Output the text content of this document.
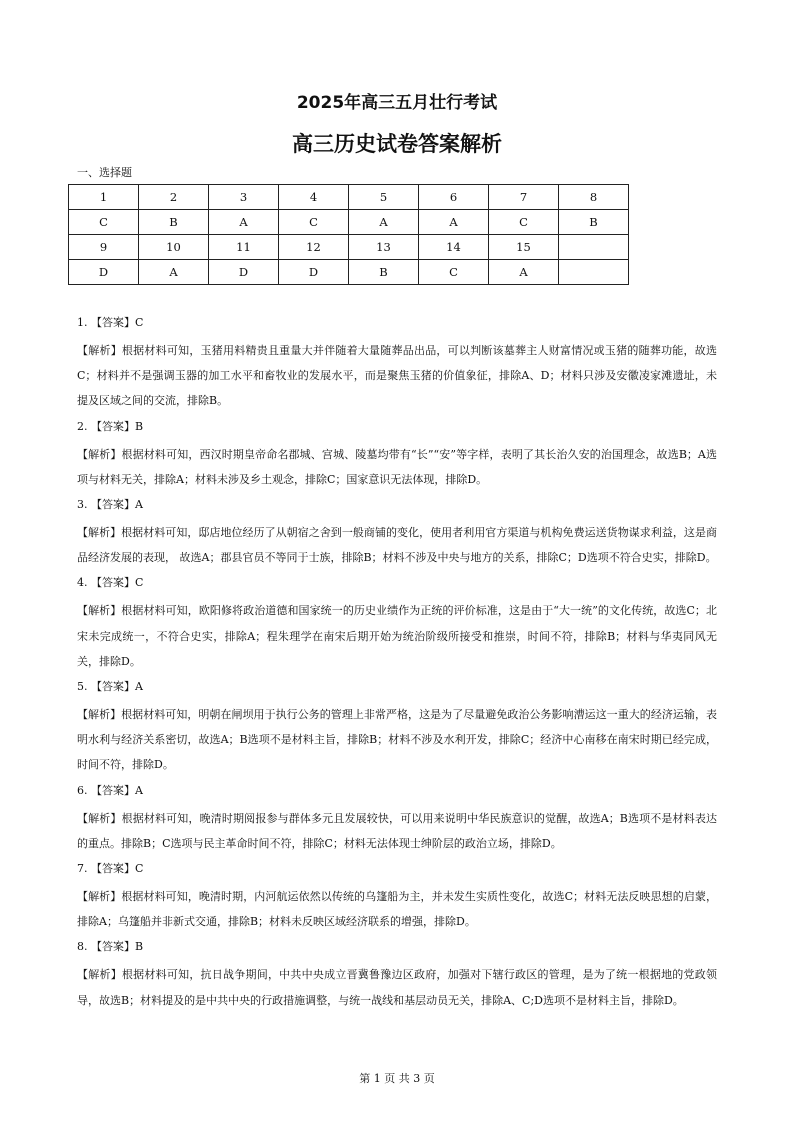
2025年高三五月壮行考试
高三历史试卷答案解析
一、选择题
1	2	3	4	5	6	7	8
C	B	A	C	A	A	C	B
9	10	11	12	13	14	15	
D	A	D	D	B	C	A	
1. 【答案】C
【解析】根据材料可知，玉猪用料精贵且重量大并伴随着大量随葬品出品，可以判断该墓葬主人财富情况或玉猪的随葬功能，故选C；材料并不是强调玉器的加工水平和畜牧业的发展水平，而是聚焦玉猪的价值象征，排除A、D；材料只涉及安徽凌家滩遗址，未提及区域之间的交流，排除B。
2. 【答案】B
【解析】根据材料可知，西汉时期皇帝命名郡城、宫城、陵墓均带有“长”“安”等字样，表明了其长治久安的治国理念，故选B；A选项与材料无关，排除A；材料未涉及乡土观念，排除C；国家意识无法体现，排除D。
3. 【答案】A
【解析】根据材料可知，邸店地位经历了从朝宿之舍到一般商铺的变化，使用者利用官方渠道与机构免费运送货物谋求利益，这是商品经济发展的表现， 故选A；郡县官员不等同于士族，排除B；材料不涉及中央与地方的关系，排除C；D选项不符合史实，排除D。
4. 【答案】C
【解析】根据材料可知，欧阳修将政治道德和国家统一的历史业绩作为正统的评价标准，这是由于“大一统”的文化传统，故选C；北宋未完成统一，不符合史实，排除A；程朱理学在南宋后期开始为统治阶级所接受和推崇，时间不符，排除B；材料与华夷同风无关，排除D。
5. 【答案】A
【解析】根据材料可知，明朝在闸坝用于执行公务的管理上非常严格，这是为了尽量避免政治公务影响漕运这一重大的经济运输，表明水利与经济关系密切，故选A；B选项不是材料主旨，排除B；材料不涉及水利开发，排除C；经济中心南移在南宋时期已经完成，时间不符，排除D。
6. 【答案】A
【解析】根据材料可知，晚清时期阅报参与群体多元且发展较快，可以用来说明中华民族意识的觉醒，故选A；B选项不是材料表达的重点。排除B；C选项与民主革命时间不符，排除C；材料无法体现士绅阶层的政治立场，排除D。
7. 【答案】C
【解析】根据材料可知，晚清时期，内河航运依然以传统的乌篷船为主，并未发生实质性变化，故选C；材料无法反映思想的启蒙，排除A；乌篷船并非新式交通，排除B；材料未反映区域经济联系的增强，排除D。
8. 【答案】B
【解析】根据材料可知，抗日战争期间，中共中央成立晋冀鲁豫边区政府，加强对下辖行政区的管理，是为了统一根据地的党政领导，故选B；材料提及的是中共中央的行政措施调整，与统一战线和基层动员无关，排除A、C;D选项不是材料主旨，排除D。
第 1 页 共 3 页
